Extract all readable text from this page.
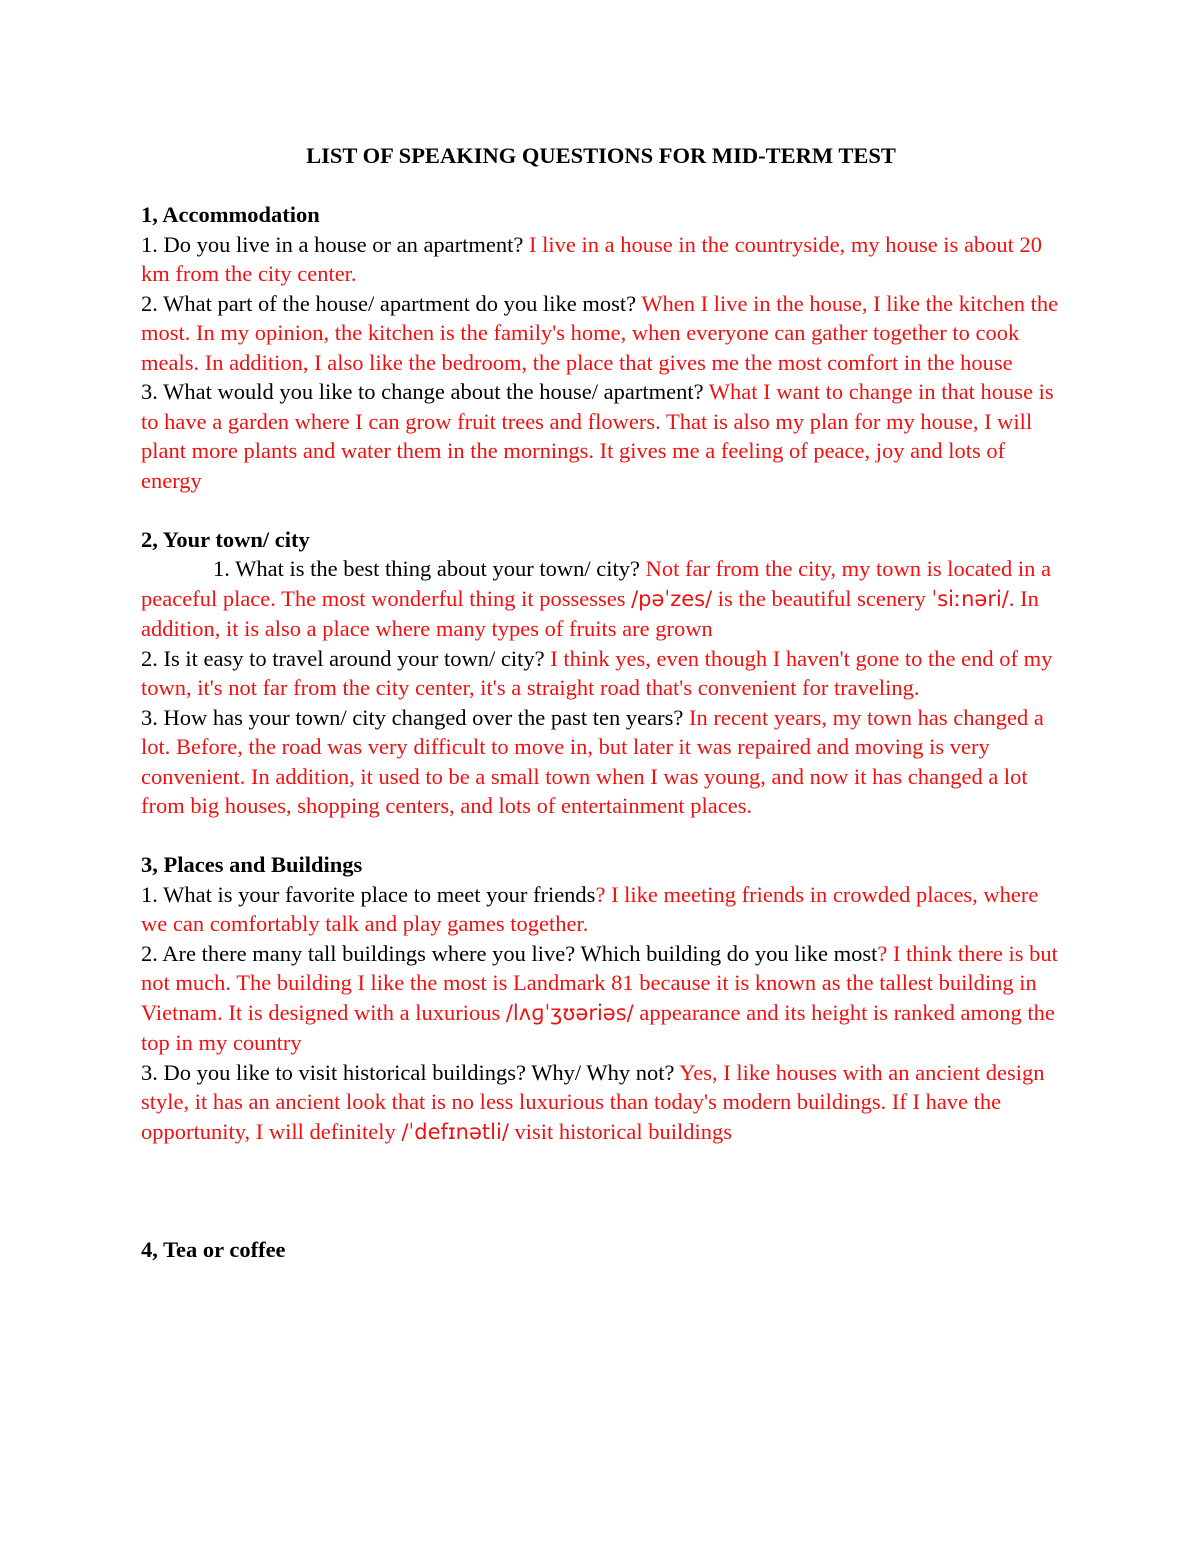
LIST OF SPEAKING QUESTIONS FOR MID-TERM TEST

1, Accommodation

1. Do you live in a house or an apartment? I live in a house in the countryside, my house is about 20 km from the city center.

2. What part of the house/ apartment do you like most? When I live in the house, I like the kitchen the most. In my opinion, the kitchen is the family's home, when everyone can gather together to cook meals. In addition, I also like the bedroom, the place that gives me the most comfort in the house

3. What would you like to change about the house/ apartment? What I want to change in that house is to have a garden where I can grow fruit trees and flowers. That is also my plan for my house, I will plant more plants and water them in the mornings. It gives me a feeling of peace, joy and lots of energy

2, Your town/ city

1. What is the best thing about your town/ city? Not far from the city, my town is located in a peaceful place. The most wonderful thing it possesses /pəˈzes/ is the beautiful scenery ˈsiːnəri/. In addition, it is also a place where many types of fruits are grown

2. Is it easy to travel around your town/ city? I think yes, even though I haven't gone to the end of my town, it's not far from the city center, it's a straight road that's convenient for traveling.

3. How has your town/ city changed over the past ten years? In recent years, my town has changed a lot. Before, the road was very difficult to move in, but later it was repaired and moving is very convenient. In addition, it used to be a small town when I was young, and now it has changed a lot from big houses, shopping centers, and lots of entertainment places.

3, Places and Buildings

1. What is your favorite place to meet your friends? I like meeting friends in crowded places, where we can comfortably talk and play games together.

2. Are there many tall buildings where you live? Which building do you like most? I think there is but not much. The building I like the most is Landmark 81 because it is known as the tallest building in Vietnam. It is designed with a luxurious /lʌɡˈʒʊəriəs/ appearance and its height is ranked among the top in my country

3. Do you like to visit historical buildings? Why/ Why not? Yes, I like houses with an ancient design style, it has an ancient look that is no less luxurious than today's modern buildings. If I have the opportunity, I will definitely /ˈdefɪnətli/ visit historical buildings

4, Tea or coffee
